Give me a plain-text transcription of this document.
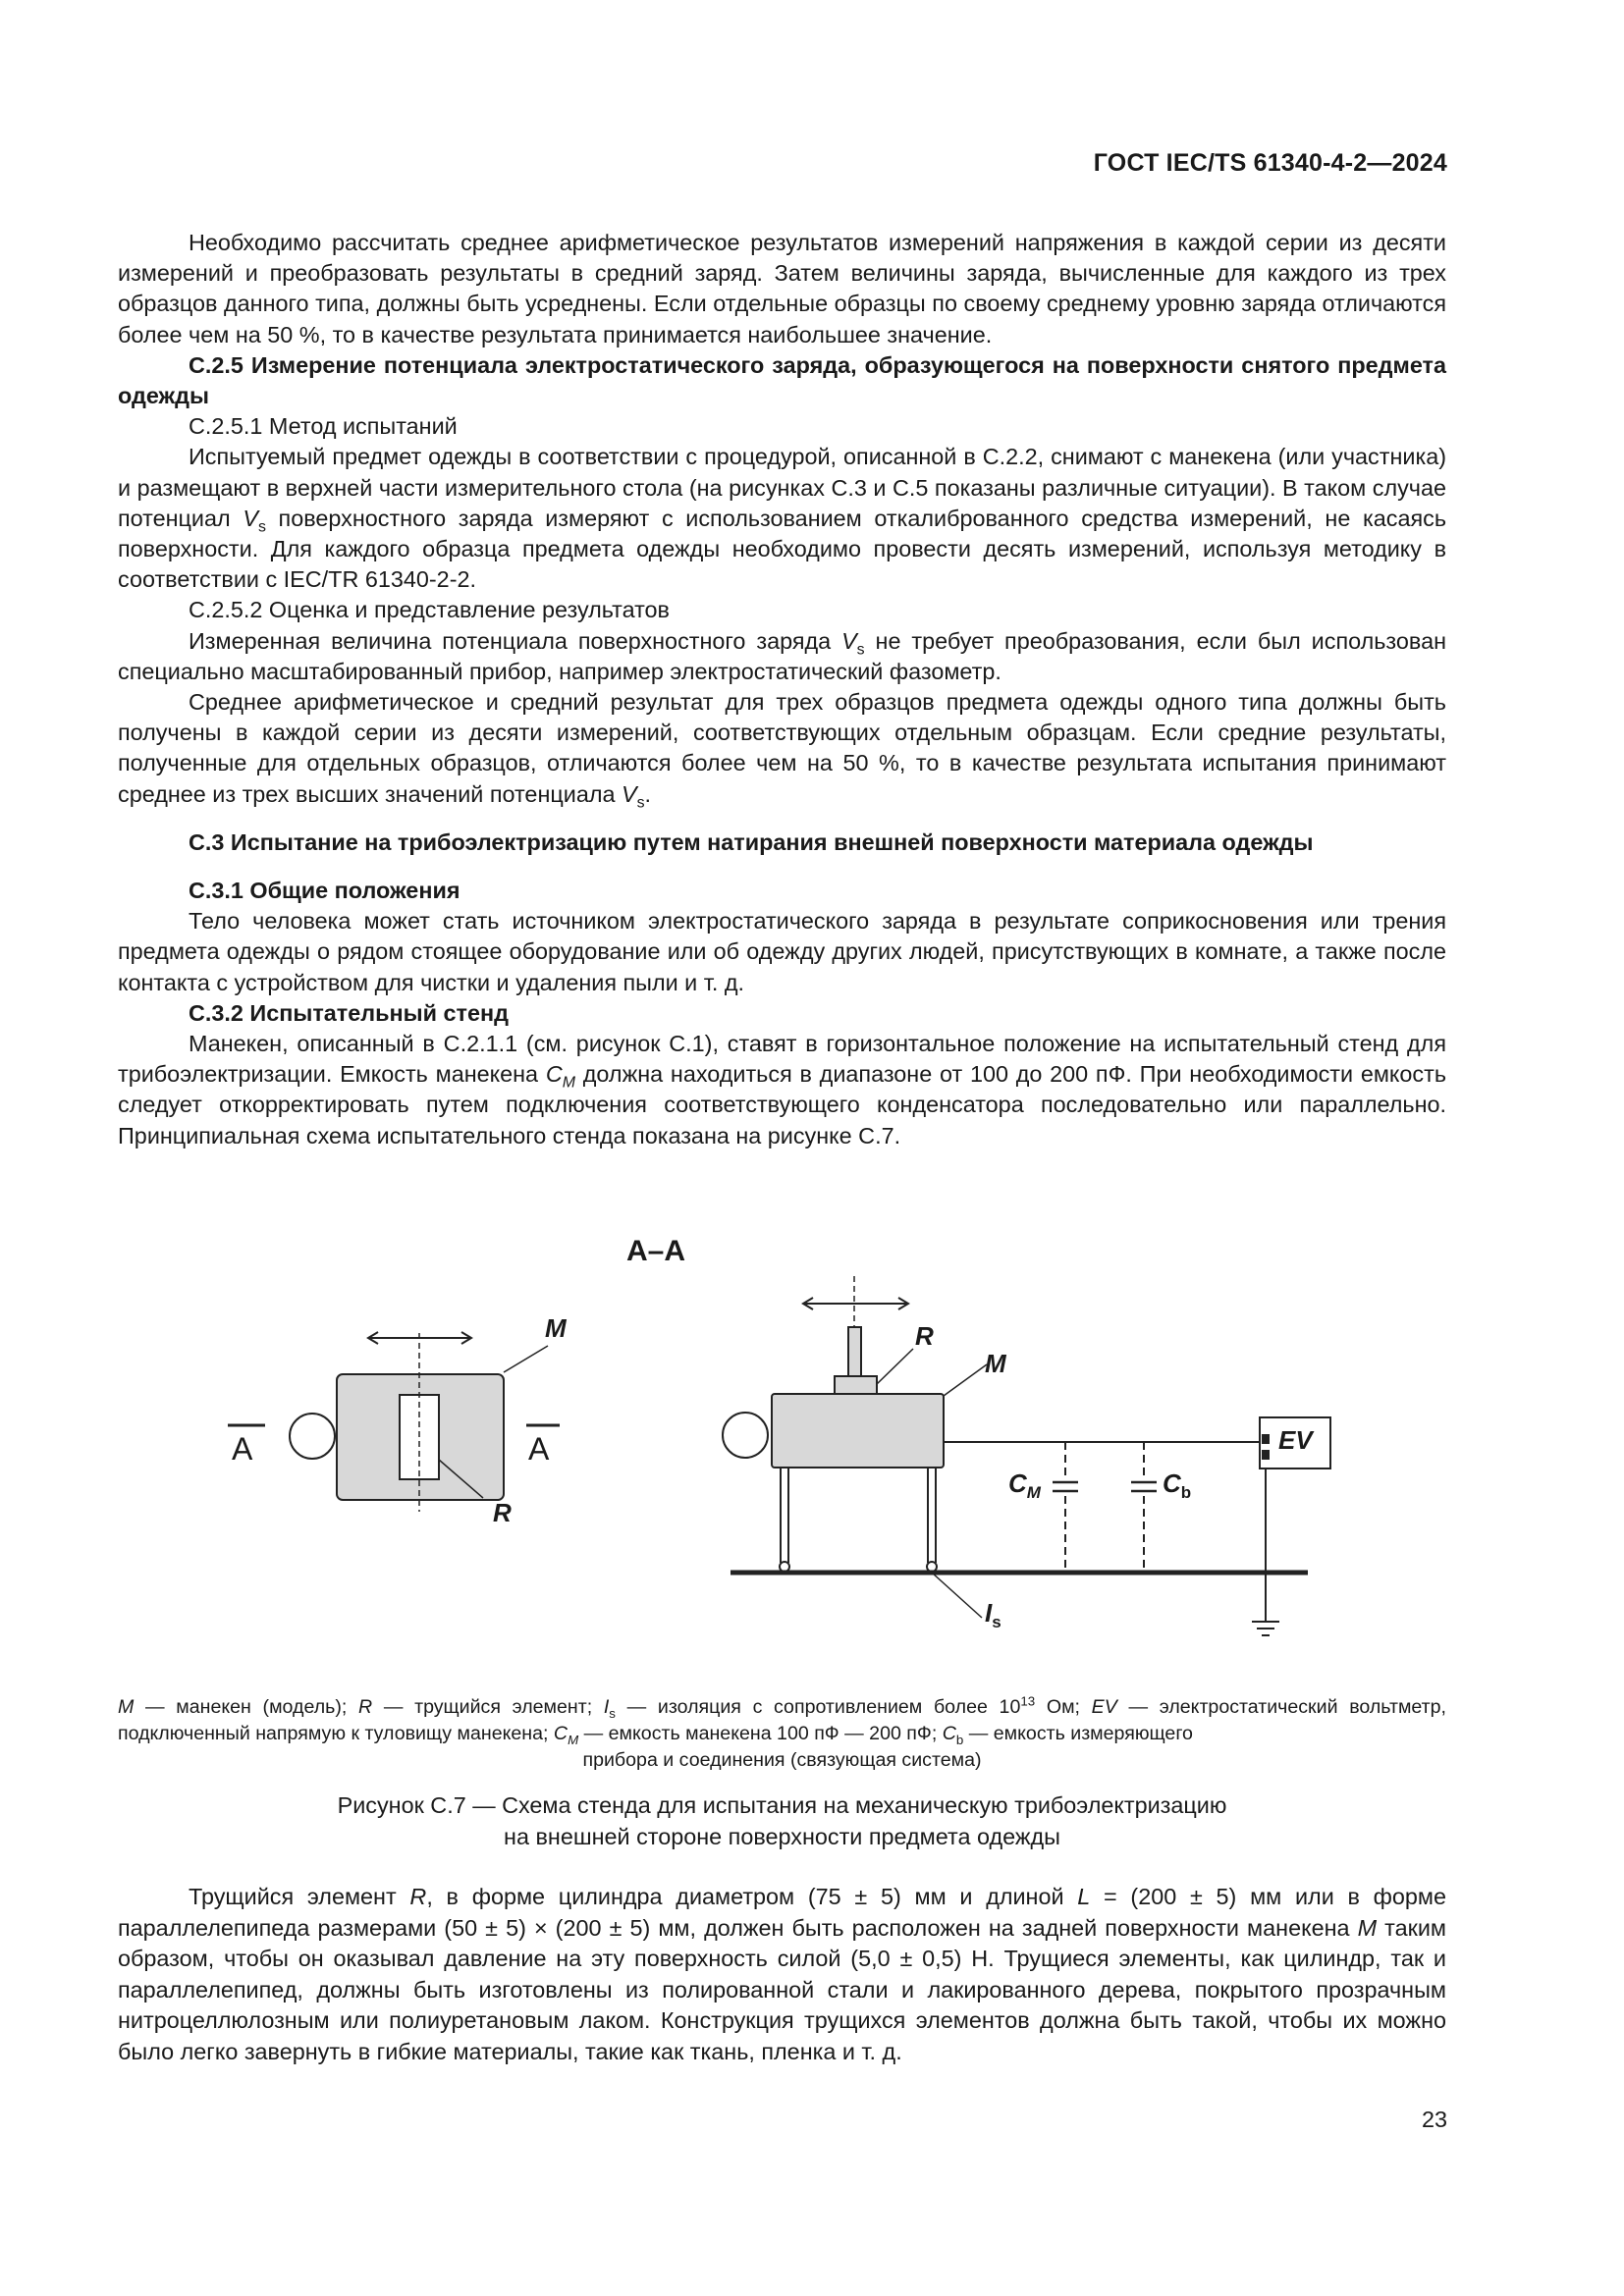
ГОСТ IEC/TS 61340-4-2—2024

Необходимо рассчитать среднее арифметическое результатов измерений напряжения в каждой серии из десяти измерений и преобразовать результаты в средний заряд. Затем величины заряда, вычисленные для каждого из трех образцов данного типа, должны быть усреднены. Если отдельные образцы по своему среднему уровню заряда отличаются более чем на 50 %, то в качестве результата принимается наибольшее значение.

С.2.5 Измерение потенциала электростатического заряда, образующегося на поверхности снятого предмета одежды

С.2.5.1 Метод испытаний

Испытуемый предмет одежды в соответствии с процедурой, описанной в С.2.2, снимают с манекена (или участника) и размещают в верхней части измерительного стола (на рисунках С.3 и С.5 показаны различные ситуации). В таком случае потенциал $V_s$ поверхностного заряда измеряют с использованием откалиброванного средства измерений, не касаясь поверхности. Для каждого образца предмета одежды необходимо провести десять измерений, используя методику в соответствии с IEC/TR 61340-2-2.

С.2.5.2 Оценка и представление результатов

Измеренная величина потенциала поверхностного заряда $V_s$ не требует преобразования, если был использован специально масштабированный прибор, например электростатический фазометр.

Среднее арифметическое и средний результат для трех образцов предмета одежды одного типа должны быть получены в каждой серии из десяти измерений, соответствующих отдельным образцам. Если средние результаты, полученные для отдельных образцов, отличаются более чем на 50 %, то в качестве результата испытания принимают среднее из трех высших значений потенциала $V_s$.

С.3 Испытание на трибоэлектризацию путем натирания внешней поверхности материала одежды

С.3.1 Общие положения

Тело человека может стать источником электростатического заряда в результате соприкосновения или трения предмета одежды о рядом стоящее оборудование или об одежду других людей, присутствующих в комнате, а также после контакта с устройством для чистки и удаления пыли и т. д.

С.3.2 Испытательный стенд

Манекен, описанный в С.2.1.1 (см. рисунок С.1), ставят в горизонтальное положение на испытательный стенд для трибоэлектризации. Емкость манекена $C_M$ должна находиться в диапазоне от 100 до 200 пФ. При необходимости емкость следует откорректировать путем подключения соответствующего конденсатора последовательно или параллельно. Принципиальная схема испытательного стенда показана на рисунке С.7.

А–А
А	А
M
R
R
M
EV
$C_M$	$C_b$
$I_s$
M — манекен (модель); R — трущийся элемент; $I_s$ — изоляция с сопротивлением более $10^{13}$ Ом; EV — электростатический вольтметр, подключенный напрямую к туловищу манекена; $C_M$ — емкость манекена 100 пФ — 200 пФ; $C_b$ — емкость измеряющего
прибора и соединения (связующая система)
Рисунок С.7 — Схема стенда для испытания на механическую трибоэлектризацию
на внешней стороне поверхности предмета одежды

Трущийся элемент R, в форме цилиндра диаметром (75 ± 5) мм и длиной L = (200 ± 5) мм или в форме параллелепипеда размерами (50 ± 5) × (200 ± 5) мм, должен быть расположен на задней поверхности манекена M таким образом, чтобы он оказывал давление на эту поверхность силой (5,0 ± 0,5) Н. Трущиеся элементы, как цилиндр, так и параллелепипед, должны быть изготовлены из полированной стали и лакированного дерева, покрытого прозрачным нитроцеллюлозным или полиуретановым лаком. Конструкция трущихся элементов должна быть такой, чтобы их можно было легко завернуть в гибкие материалы, такие как ткань, пленка и т. д.

23
